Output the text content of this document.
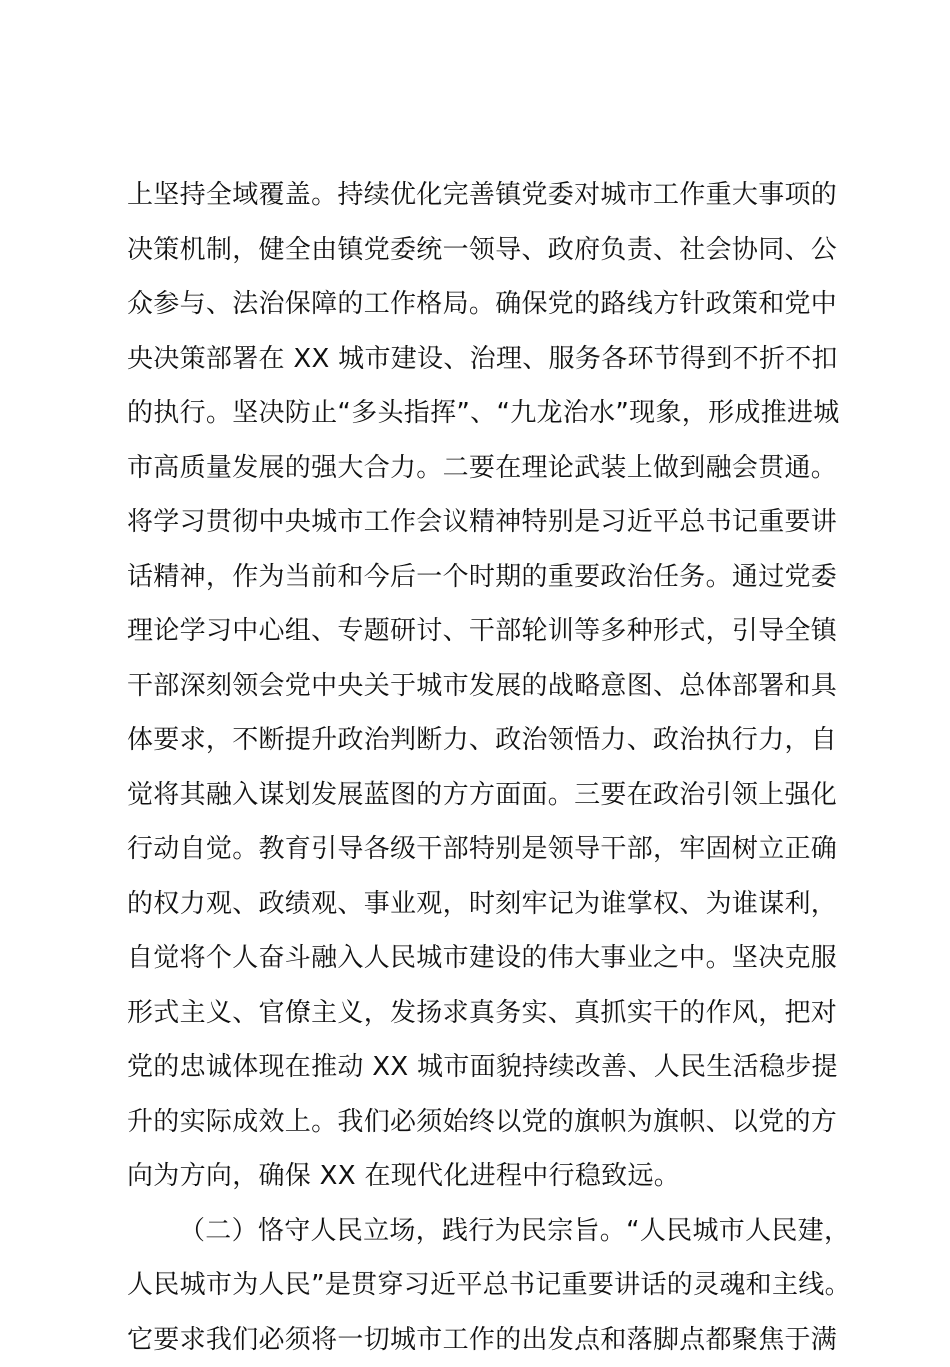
上坚持全域覆盖。持续优化完善镇党委对城市工作重大事项的
决策机制，健全由镇党委统一领导、政府负责、社会协同、公
众参与、法治保障的工作格局。确保党的路线方针政策和党中
央决策部署在 XX 城市建设、治理、服务各环节得到不折不扣
的执行。坚决防止“多头指挥”、“九龙治水”现象，形成推进城
市高质量发展的强大合力。二要在理论武装上做到融会贯通。
将学习贯彻中央城市工作会议精神特别是习近平总书记重要讲
话精神，作为当前和今后一个时期的重要政治任务。通过党委
理论学习中心组、专题研讨、干部轮训等多种形式，引导全镇
干部深刻领会党中央关于城市发展的战略意图、总体部署和具
体要求，不断提升政治判断力、政治领悟力、政治执行力，自
觉将其融入谋划发展蓝图的方方面面。三要在政治引领上强化
行动自觉。教育引导各级干部特别是领导干部，牢固树立正确
的权力观、政绩观、事业观，时刻牢记为谁掌权、为谁谋利，
自觉将个人奋斗融入人民城市建设的伟大事业之中。坚决克服
形式主义、官僚主义，发扬求真务实、真抓实干的作风，把对
党的忠诚体现在推动 XX 城市面貌持续改善、人民生活稳步提
升的实际成效上。我们必须始终以党的旗帜为旗帜、以党的方
向为方向，确保 XX 在现代化进程中行稳致远。
（二）恪守人民立场，践行为民宗旨。“人民城市人民建，
人民城市为人民”是贯穿习近平总书记重要讲话的灵魂和主线。
它要求我们必须将一切城市工作的出发点和落脚点都聚焦于满
